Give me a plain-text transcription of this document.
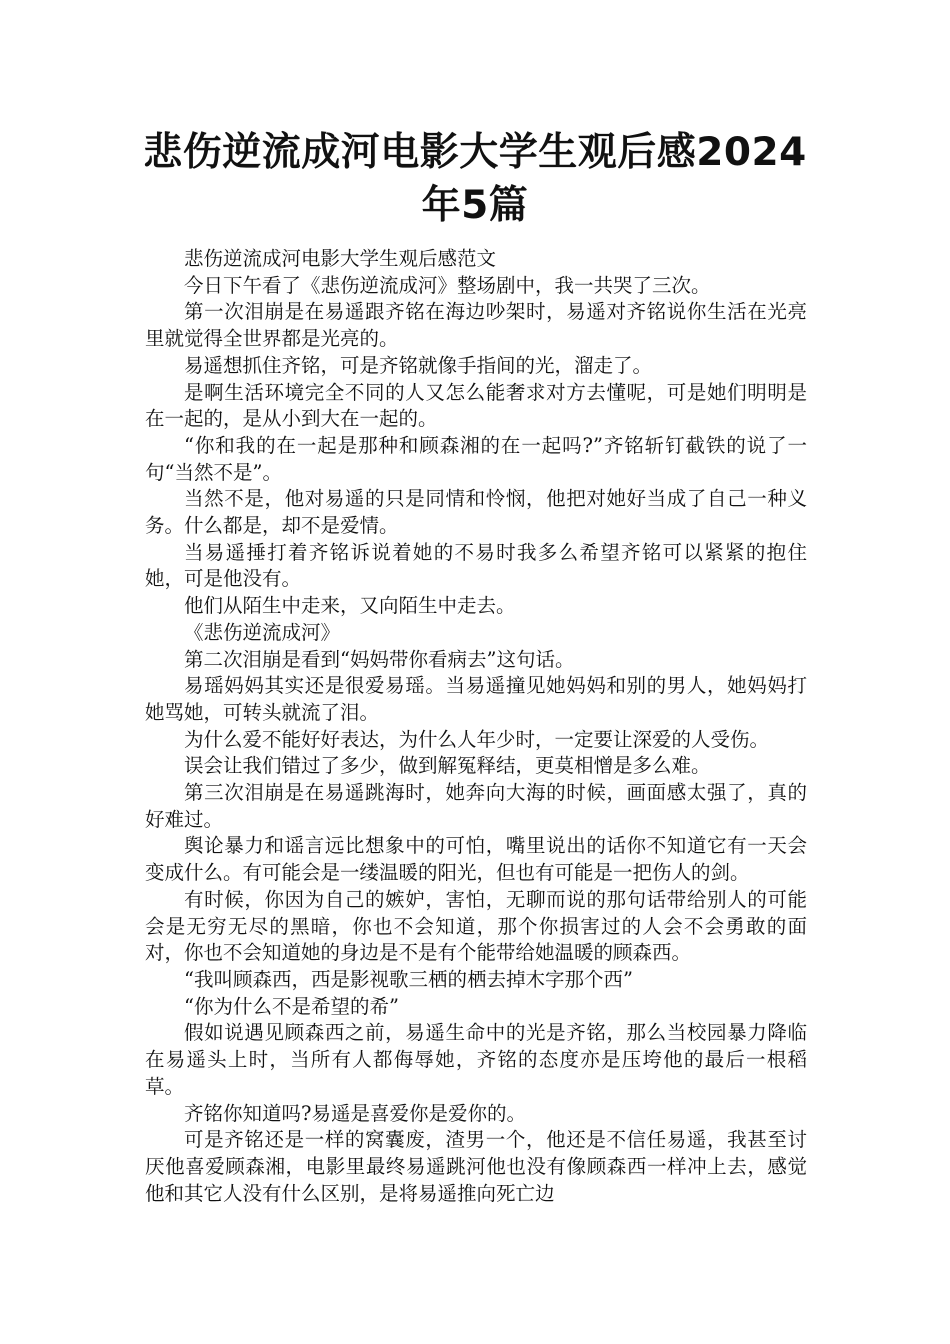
悲伤逆流成河电影大学生观后感2024
年5篇

悲伤逆流成河电影大学生观后感范文

今日下午看了《悲伤逆流成河》整场剧中，我一共哭了三次。

第一次泪崩是在易遥跟齐铭在海边吵架时，易遥对齐铭说你生活在光亮里就觉得全世界都是光亮的。

易遥想抓住齐铭，可是齐铭就像手指间的光，溜走了。

是啊生活环境完全不同的人又怎么能奢求对方去懂呢，可是她们明明是在一起的，是从小到大在一起的。

“你和我的在一起是那种和顾森湘的在一起吗?”齐铭斩钉截铁的说了一句“当然不是”。

当然不是，他对易遥的只是同情和怜悯，他把对她好当成了自己一种义务。什么都是，却不是爱情。

当易遥捶打着齐铭诉说着她的不易时我多么希望齐铭可以紧紧的抱住她，可是他没有。

他们从陌生中走来，又向陌生中走去。

《悲伤逆流成河》

第二次泪崩是看到“妈妈带你看病去”这句话。

易瑶妈妈其实还是很爱易瑶。当易遥撞见她妈妈和别的男人，她妈妈打她骂她，可转头就流了泪。

为什么爱不能好好表达，为什么人年少时，一定要让深爱的人受伤。

误会让我们错过了多少，做到解冤释结，更莫相憎是多么难。

第三次泪崩是在易遥跳海时，她奔向大海的时候，画面感太强了，真的好难过。

舆论暴力和谣言远比想象中的可怕，嘴里说出的话你不知道它有一天会变成什么。有可能会是一缕温暖的阳光，但也有可能是一把伤人的剑。

有时候，你因为自己的嫉妒，害怕，无聊而说的那句话带给别人的可能会是无穷无尽的黑暗，你也不会知道，那个你损害过的人会不会勇敢的面对，你也不会知道她的身边是不是有个能带给她温暖的顾森西。

“我叫顾森西，西是影视歌三栖的栖去掉木字那个西”

“你为什么不是希望的希”

假如说遇见顾森西之前，易遥生命中的光是齐铭，那么当校园暴力降临在易遥头上时，当所有人都侮辱她，齐铭的态度亦是压垮他的最后一根稻草。

齐铭你知道吗?易遥是喜爱你是爱你的。

可是齐铭还是一样的窝囊废，渣男一个，他还是不信任易遥，我甚至讨厌他喜爱顾森湘，电影里最终易遥跳河他也没有像顾森西一样冲上去，感觉他和其它人没有什么区别，是将易遥推向死亡边
